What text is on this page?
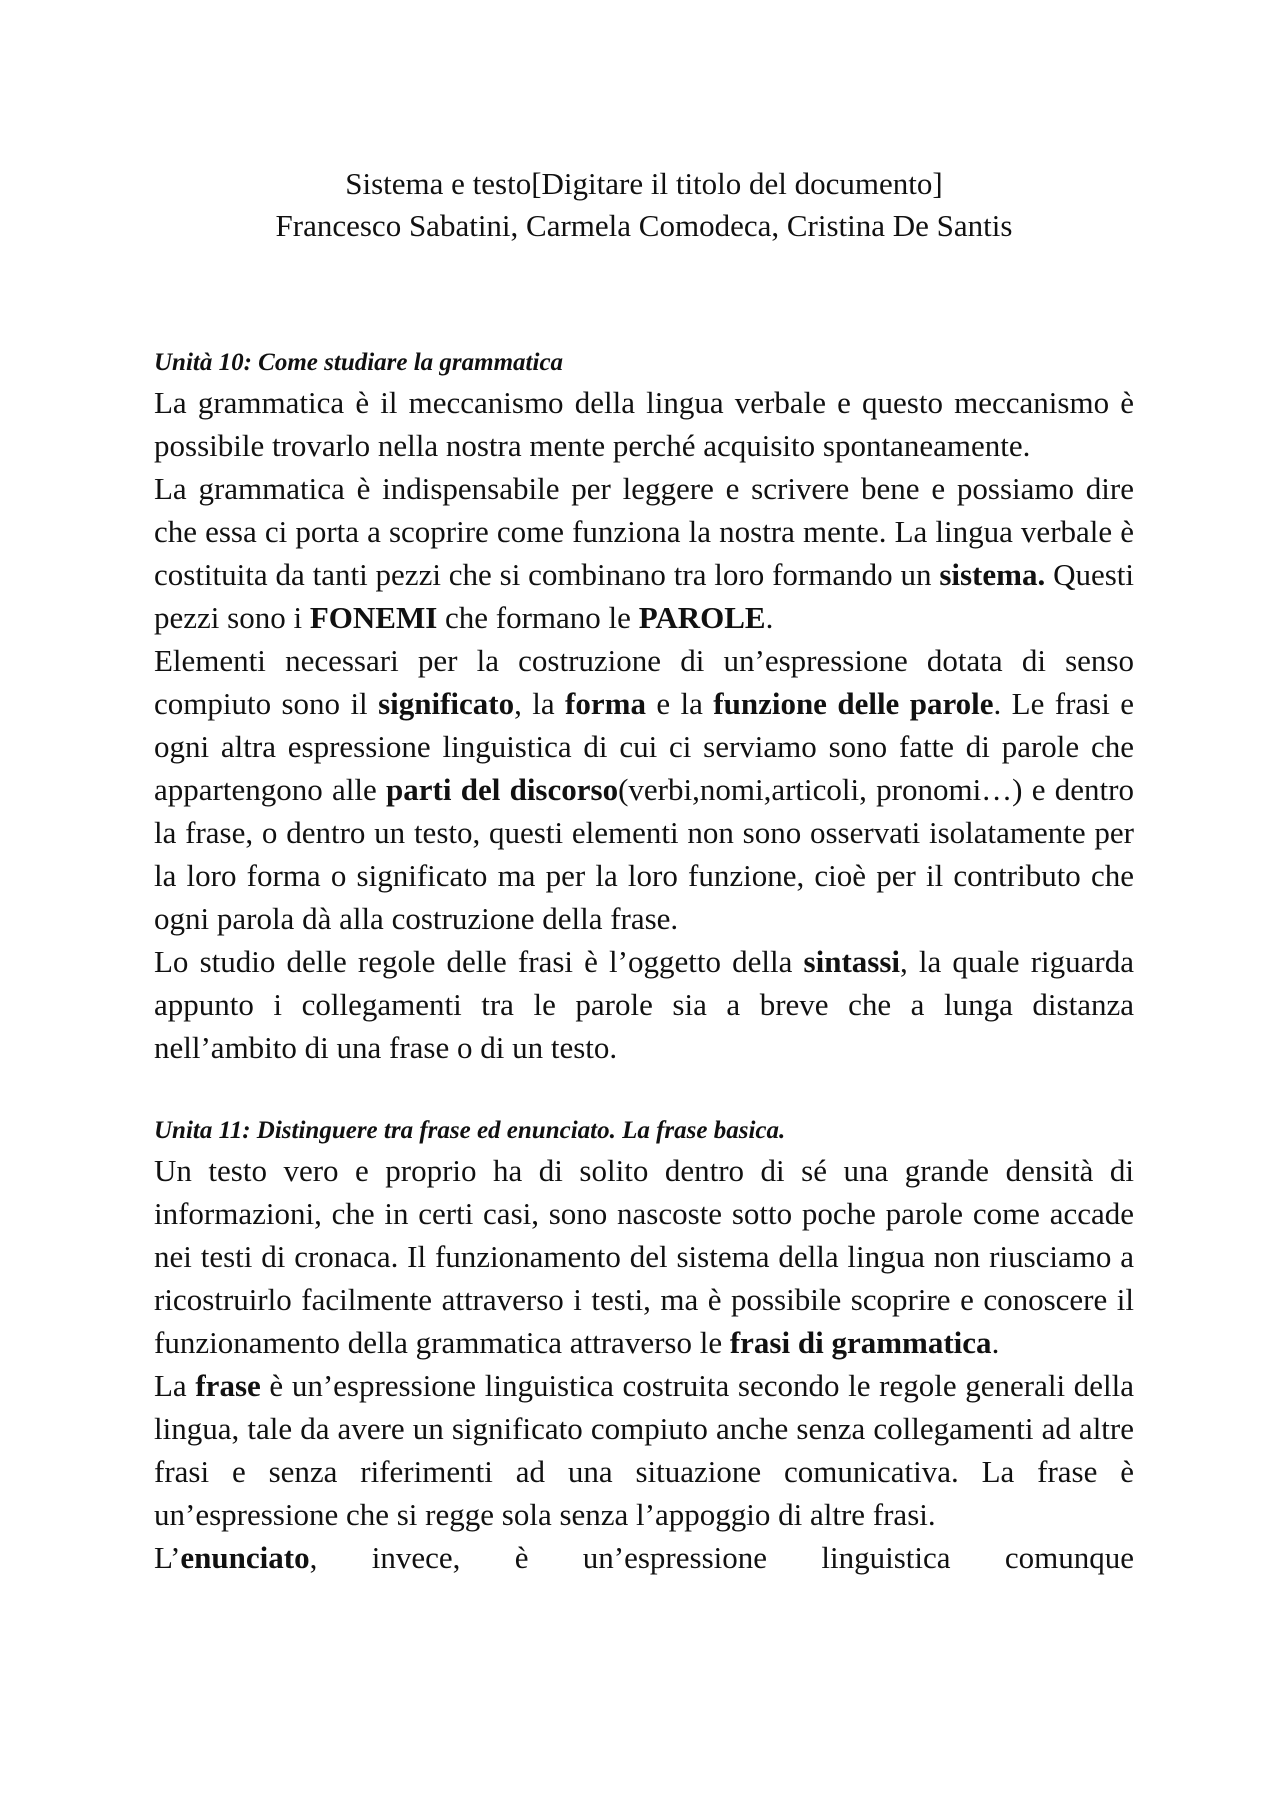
Sistema e testo[Digitare il titolo del documento]

Francesco Sabatini, Carmela Comodeca, Cristina De Santis

Unità 10: Come studiare la grammatica

La grammatica è il meccanismo della lingua verbale e questo meccanismo è possibile trovarlo nella nostra mente perché acquisito spontaneamente.

La grammatica è indispensabile per leggere e scrivere bene e possiamo dire che essa ci porta a scoprire come funziona la nostra mente. La lingua verbale è costituita da tanti pezzi che si combinano tra loro formando un sistema. Questi pezzi sono i FONEMI che formano le PAROLE.

Elementi necessari per la costruzione di un’espressione dotata di senso compiuto sono il significato, la forma e la funzione delle parole. Le frasi e ogni altra espressione linguistica di cui ci serviamo sono fatte di parole che appartengono alle parti del discorso(verbi,nomi,articoli, pronomi…) e dentro la frase, o dentro un testo, questi elementi non sono osservati isolatamente per la loro forma o significato ma per la loro funzione, cioè per il contributo che ogni parola dà alla costruzione della frase.

Lo studio delle regole delle frasi è l’oggetto della sintassi, la quale riguarda appunto i collegamenti tra le parole sia a breve che a lunga distanza nell’ambito di una frase o di un testo.

Unita 11: Distinguere tra frase ed enunciato. La frase basica.

Un testo vero e proprio ha di solito dentro di sé una grande densità di informazioni, che in certi casi, sono nascoste sotto poche parole come accade nei testi di cronaca. Il funzionamento del sistema della lingua non riusciamo a ricostruirlo facilmente attraverso i testi, ma è possibile scoprire e conoscere il funzionamento della grammatica attraverso le frasi di grammatica.

La frase è un’espressione linguistica costruita secondo le regole generali della lingua, tale da avere un significato compiuto anche senza collegamenti ad altre frasi e senza riferimenti ad una situazione comunicativa. La frase è un’espressione che si regge sola senza l’appoggio di altre frasi.

L’enunciato, invece, è un’espressione linguistica comunque
